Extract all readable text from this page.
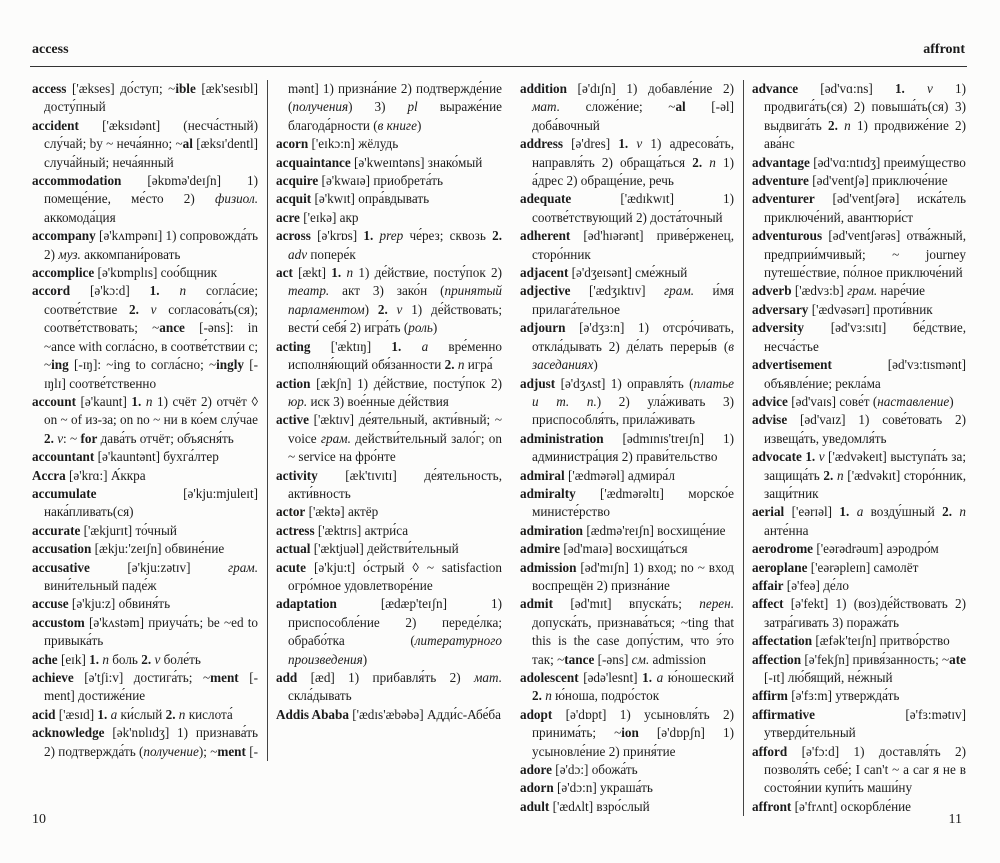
access	affront
access ['ækses] до́ступ; ~ible [æk'sesɪbl] досту́пный
accident ['æksɪdənt] (несча́стный) слу́чай; by ~ неча́янно; ~al [æksɪ'dentl] случа́йный; неча́янный
accommodation [əkɒmə'deɪʃn] 1) помеще́ние, ме́сто 2) физиол. аккомода́ция
accompany [ə'kʌmpənɪ] 1) сопровожда́ть 2) муз. аккомпани́ровать
accomplice [ə'kɒmplɪs] соо́бщник
accord [ə'kɔ:d] 1. n согла́сие; соотве́тствие 2. v согласова́ть(ся); соотве́тствовать; ~ance [-əns]: in ~ance with согла́сно, в соотве́тствии с; ~ing [-ɪŋ]: ~ing to согла́сно; ~ingly [-ɪŋlɪ] соотве́тственно
account [ə'kaunt] 1. n 1) счёт 2) отчёт ◊ on ~ of из-за; on no ~ ни в ко́ем слу́чае 2. v: ~ for дава́ть отчёт; объясня́ть
accountant [ə'kauntənt] бухга́лтер
Accra [ə'krɑ:] А́ккра
accumulate [ə'kju:mjuleɪt] нака́пливать(ся)
accurate ['ækjurɪt] то́чный
accusation [ækju:'zeɪʃn] обвине́ние
accusative [ə'kju:zətɪv] грам. вини́тельный паде́ж
accuse [ə'kju:z] обвиня́ть
accustom [ə'kʌstəm] приуча́ть; be ~ed to привыка́ть
ache [eɪk] 1. n боль 2. v боле́ть
achieve [ə'tʃi:v] достига́ть; ~ment [-ment] достиже́ние
acid ['æsɪd] 1. a ки́слый 2. n кислота́
acknowledge [ək'nɒlɪdʒ] 1) признава́ть 2) подтвержда́ть (получение); ~ment [-mənt] 1) призна́ние 2) подтвержде́ние (получения) 3) pl выраже́ние благода́рности (в книге)
acorn ['eɪkɔ:n] жёлудь
acquaintance [ə'kweɪntəns] знако́мый
acquire [ə'kwaɪə] приобрета́ть
acquit [ə'kwɪt] опра́вдывать
acre ['eɪkə] акр
across [ə'krɒs] 1. prep че́рез; сквозь 2. adv попере́к
act [ækt] 1. n 1) де́йствие, посту́пок 2) театр. акт 3) зако́н (принятый парламентом) 2. v 1) де́йствовать; вести́ себя́ 2) игра́ть (роль)
acting ['æktɪŋ] 1. a вре́менно исполня́ющий обя́занности 2. n игра́
action [ækʃn] 1) де́йствие, посту́пок 2) юр. иск 3) вое́нные де́йствия
active ['æktɪv] де́ятельный, акти́вный; ~ voice грам. действи́тельный зало́г; on ~ service на фро́нте
activity [æk'tɪvɪtɪ] де́ятельность, акти́вность
actor ['æktə] актёр
actress ['æktrɪs] актри́са
actual ['æktjuəl] действи́тельный
acute [ə'kju:t] о́стрый ◊ ~ satisfaction огро́мное удовлетворе́ние
adaptation [ædæp'teɪʃn] 1) приспособле́ние 2) переде́лка; обрабо́тка (литературного произведения)
add [æd] 1) прибавля́ть 2) мат. скла́дывать
Addis Ababa ['ædɪs'æbəbə] Адди́с-Абе́ба
addition [ə'dɪʃn] 1) добавле́ние 2) мат. сложе́ние; ~al [-əl] доба́вочный
address [ə'dres] 1. v 1) адресова́ть, направля́ть 2) обраща́ться 2. n 1) а́дрес 2) обраще́ние, речь
adequate ['ædɪkwɪt] 1) соотве́тствующий 2) доста́точный
adherent [əd'hɪərənt] приве́рженец, сторо́нник
adjacent [ə'dʒeɪsənt] сме́жный
adjective ['ædʒɪktɪv] грам. и́мя прилага́тельное
adjourn [ə'dʒɜ:n] 1) отсро́чивать, откла́дывать 2) де́лать переры́в (в заседаниях)
adjust [ə'dʒʌst] 1) оправля́ть (платье и т. п.) 2) ула́живать 3) приспособля́ть, прила́живать
administration [ədmɪnɪs'treɪʃn] 1) администра́ция 2) прави́тельство
admiral ['ædmərəl] адмира́л
admiralty ['ædmərəltɪ] морско́е министе́рство
admiration [ædmə'reɪʃn] восхище́ние
admire [əd'maɪə] восхища́ться
admission [əd'mɪʃn] 1) вход; no ~ вход воспрещён 2) призна́ние
admit [əd'mɪt] впуска́ть; перен. допуска́ть, признава́ться; ~ting that this is the case допу́стим, что э́то так; ~tance [-əns] см. admission
adolescent [ədə'lesnt] 1. a ю́ношеский 2. n ю́ноша, подро́сток
adopt [ə'dɒpt] 1) усыновля́ть 2) принима́ть; ~ion [ə'dɒpʃn] 1) усыновле́ние 2) приня́тие
adore [ə'dɔ:] обожа́ть
adorn [ə'dɔ:n] украша́ть
adult ['ædʌlt] взро́слый
advance [əd'vɑ:ns] 1. v 1) продвига́ть(ся) 2) повыша́ть(ся) 3) выдвига́ть 2. n 1) продвиже́ние 2) ава́нс
advantage [əd'vɑ:ntɪdʒ] преиму́щество
adventure [əd'ventʃə] приключе́ние
adventurer [əd'ventʃərə] иска́тель приключе́ний, авантюри́ст
adventurous [əd'ventʃərəs] отва́жный, предприи́мчивый; ~ journey путеше́ствие, по́лное приключе́ний
adverb ['ædvɜ:b] грам. наре́чие
adversary ['ædvəsərɪ] проти́вник
adversity [əd'vɜ:sɪtɪ] бе́дствие, несча́стье
advertisement [əd'vɜ:tɪsmənt] объявле́ние; рекла́ма
advice [əd'vaɪs] сове́т (наставление)
advise [əd'vaɪz] 1) сове́товать 2) извеща́ть, уведомля́ть
advocate 1. v ['ædvəkeɪt] выступа́ть за; защища́ть 2. n ['ædvəkɪt] сторо́нник, защи́тник
aerial ['eərɪəl] 1. a возду́шный 2. n анте́нна
aerodrome ['eərədrəum] аэродро́м
aeroplane ['eərəpleɪn] самолёт
affair [ə'feə] де́ло
affect [ə'fekt] 1) (воз)де́йствовать 2) затра́гивать 3) поража́ть
affectation [æfək'teɪʃn] притво́рство
affection [ə'fekʃn] привя́занность; ~ate [-ɪt] лю́бящий, не́жный
affirm [ə'fɜ:m] утвержда́ть
affirmative [ə'fɜ:mətɪv] утверди́тельный
afford [ə'fɔ:d] 1) доставля́ть 2) позволя́ть себе́; I can't ~ a car я не в состоя́нии купи́ть маши́ну
affront [ə'frʌnt] оскорбле́ние
10	11
